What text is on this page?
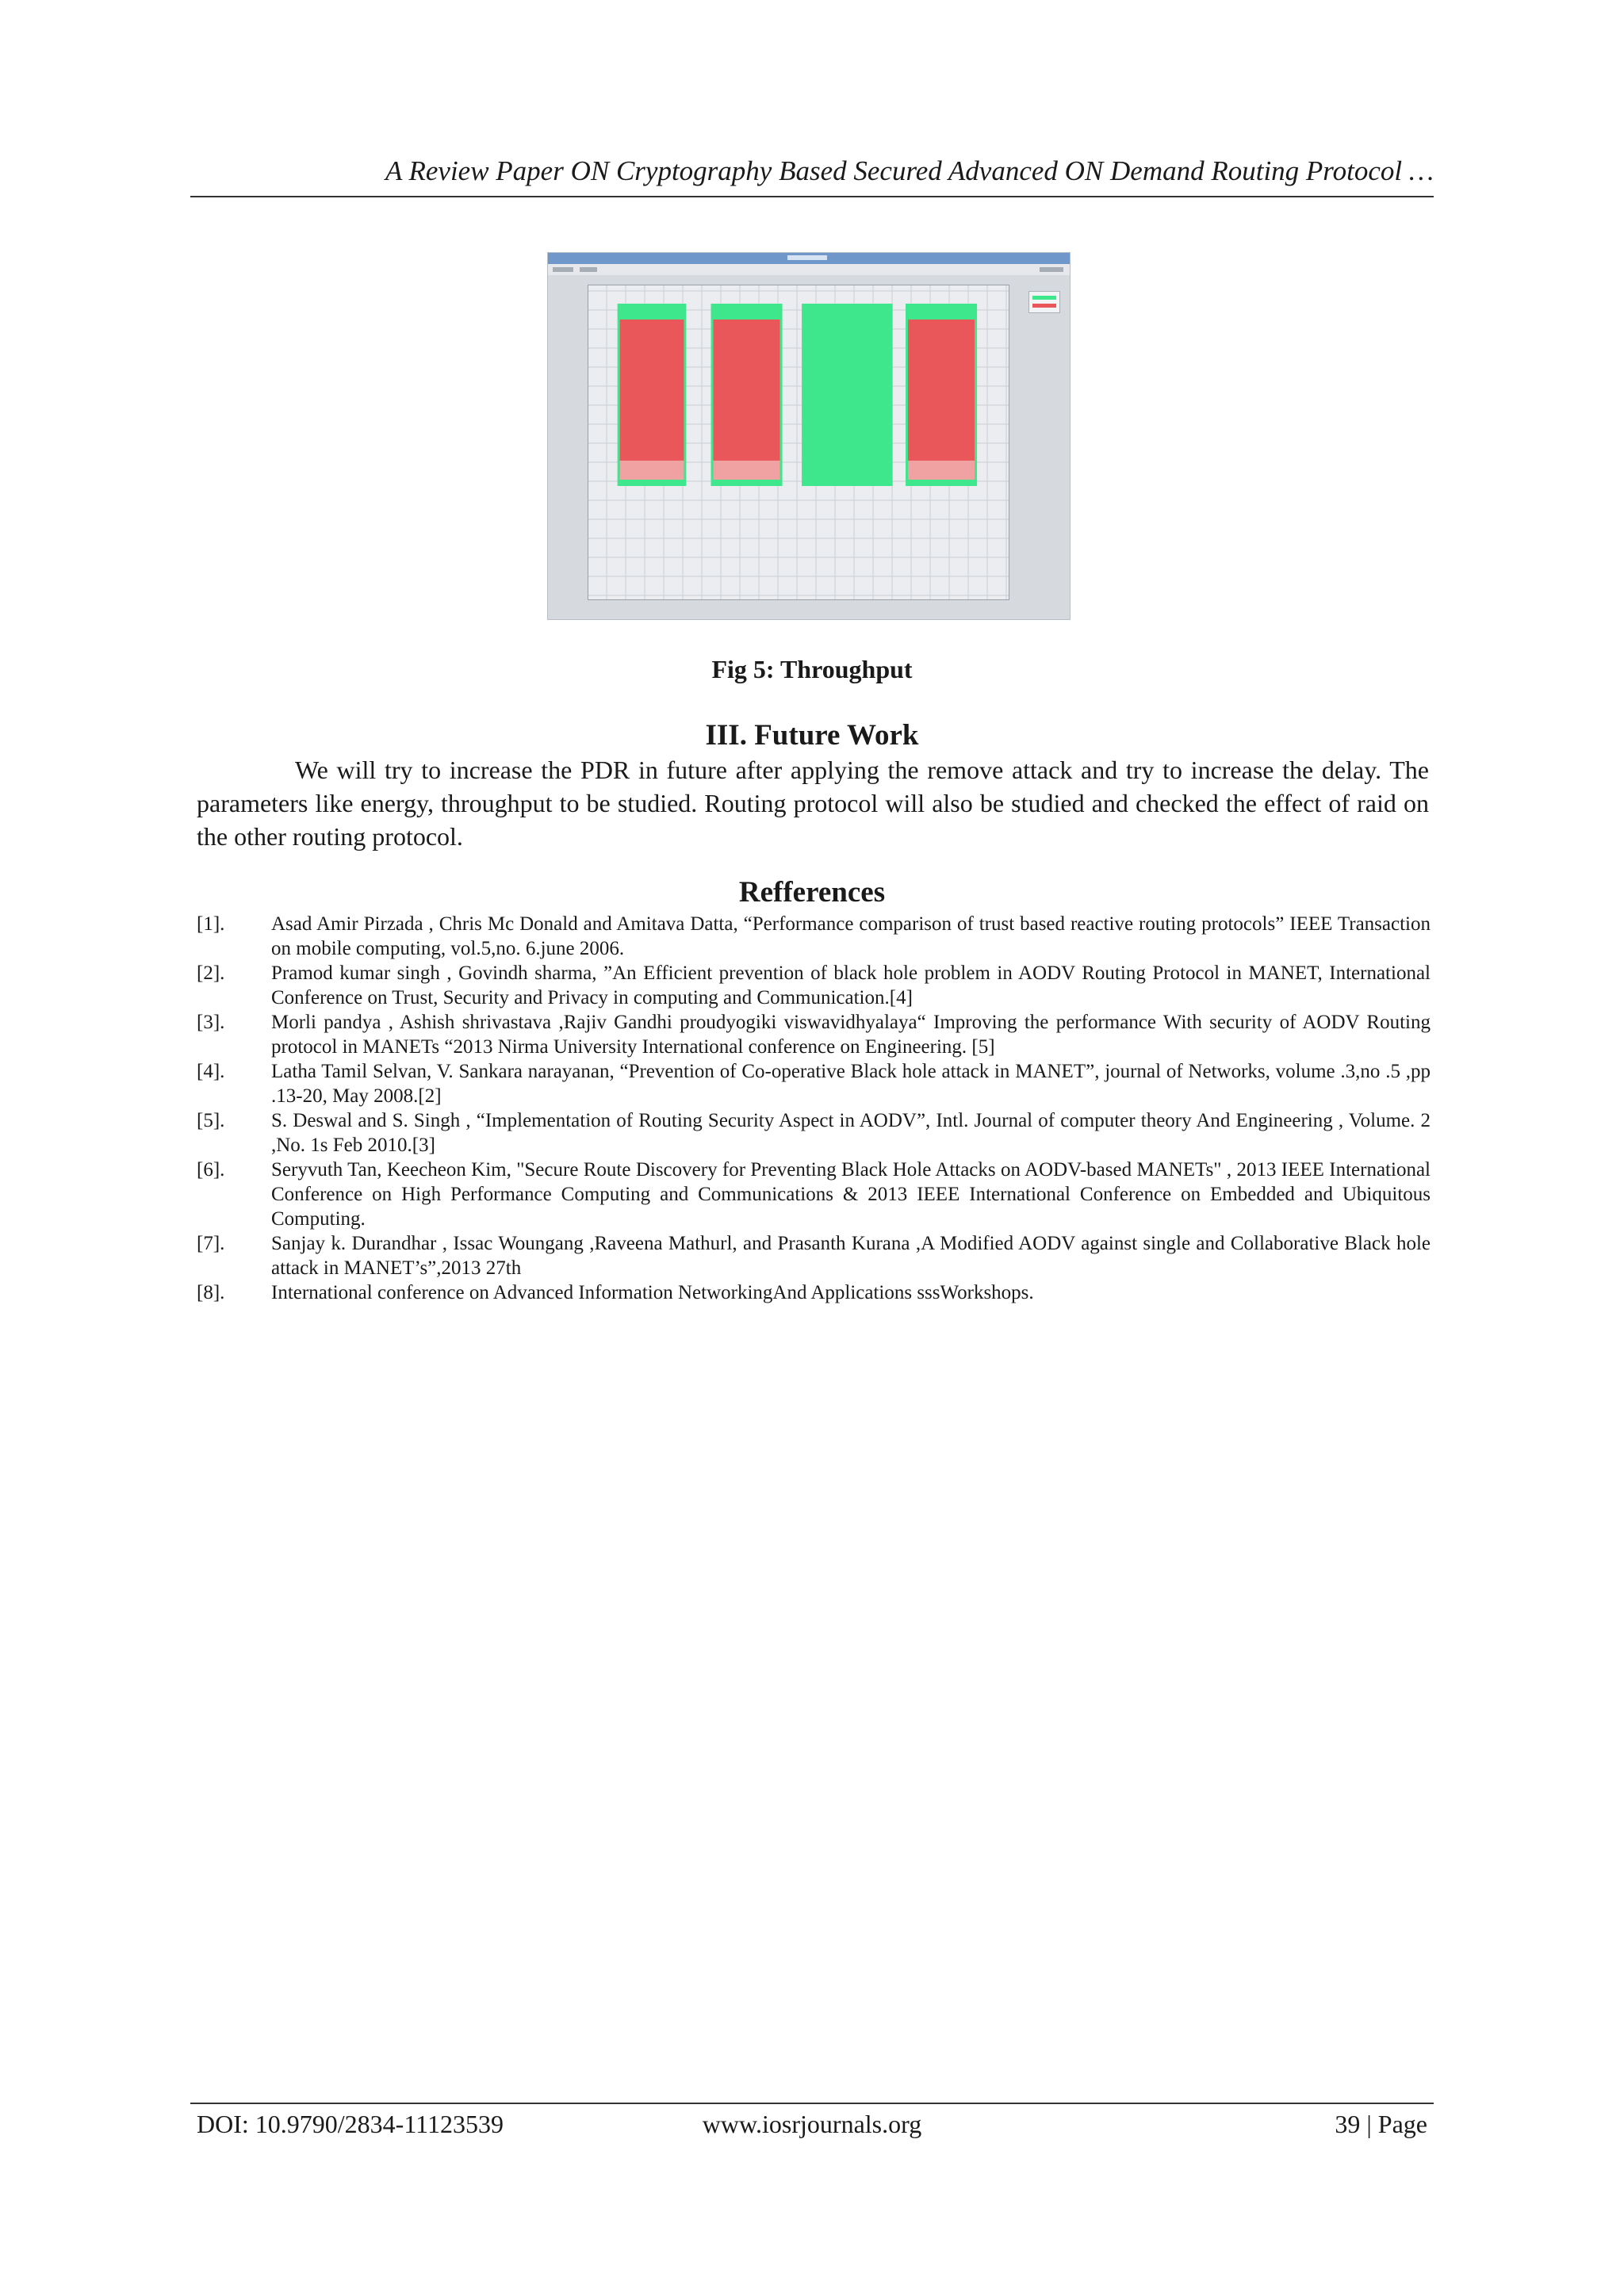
A Review Paper ON Cryptography Based Secured Advanced ON Demand Routing Protocol …
Fig 5: Throughput
III. Future Work
We will try to increase the PDR in future after applying the remove attack and try to increase the delay. The parameters like energy, throughput to be studied. Routing protocol will also be studied and checked the effect of raid on the other routing protocol.
Refferences
[1]. Asad Amir Pirzada , Chris Mc Donald and Amitava Datta, “Performance comparison of trust based reactive routing protocols” IEEE Transaction on mobile computing, vol.5,no. 6.june 2006.
[2]. Pramod kumar singh , Govindh sharma, ”An Efficient prevention of black hole problem in AODV Routing Protocol in MANET, International Conference on Trust, Security and Privacy in computing and Communication.[4]
[3]. Morli pandya , Ashish shrivastava ,Rajiv Gandhi proudyogiki viswavidhyalaya“ Improving the performance With security of AODV Routing protocol in MANETs “2013 Nirma University International conference on Engineering. [5]
[4]. Latha Tamil Selvan, V. Sankara narayanan, “Prevention of Co-operative Black hole attack in MANET”, journal of Networks, volume .3,no .5 ,pp .13-20, May 2008.[2]
[5]. S. Deswal and S. Singh , “Implementation of Routing Security Aspect in AODV”, Intl. Journal of computer theory And Engineering , Volume. 2 ,No. 1s Feb 2010.[3]
[6]. Seryvuth Tan, Keecheon Kim, "Secure Route Discovery for Preventing Black Hole Attacks on AODV-based MANETs" , 2013 IEEE International Conference on High Performance Computing and Communications & 2013 IEEE International Conference on Embedded and Ubiquitous Computing.
[7]. Sanjay k. Durandhar , Issac Woungang ,Raveena Mathurl, and Prasanth Kurana ,A Modified AODV against single and Collaborative Black hole attack in MANET’s”,2013 27th
[8]. International conference on Advanced Information NetworkingAnd Applications sssWorkshops.
DOI: 10.9790/2834-11123539	www.iosrjournals.org	39 | Page
